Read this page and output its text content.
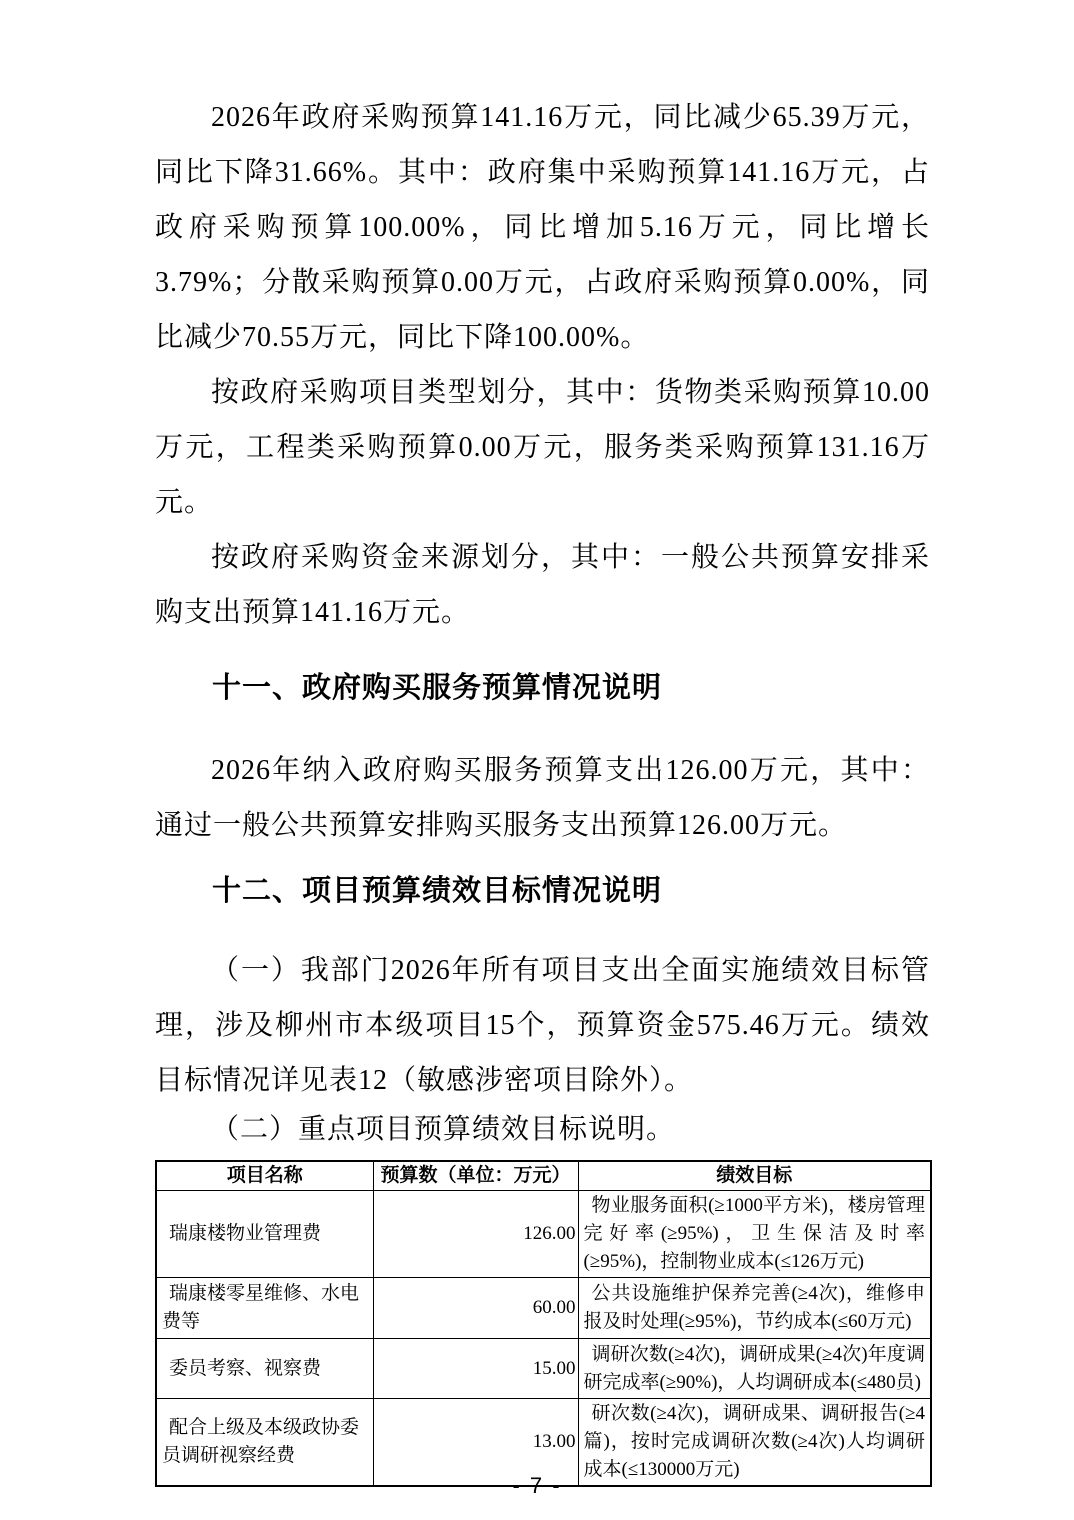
2026年政府采购预算141.16万元，同比减少65.39万元，同比下降31.66%。其中：政府集中采购预算141.16万元，占政府采购预算100.00%，同比增加5.16万元，同比增长3.79%；分散采购预算0.00万元，占政府采购预算0.00%，同比减少70.55万元，同比下降100.00%。

按政府采购项目类型划分，其中：货物类采购预算10.00万元，工程类采购预算0.00万元，服务类采购预算131.16万元。

按政府采购资金来源划分，其中：一般公共预算安排采购支出预算141.16万元。

十一、政府购买服务预算情况说明

2026年纳入政府购买服务预算支出126.00万元，其中：通过一般公共预算安排购买服务支出预算126.00万元。

十二、项目预算绩效目标情况说明

（一）我部门2026年所有项目支出全面实施绩效目标管理，涉及柳州市本级项目15个，预算资金575.46万元。绩效目标情况详见表12（敏感涉密项目除外）。

（二）重点项目预算绩效目标说明。

项目名称	预算数（单位：万元）	绩效目标
瑞康楼物业管理费	126.00	物业服务面积(≥1000平方米)，楼房管理完好率(≥95%)，卫生保洁及时率(≥95%)，控制物业成本(≤126万元)
瑞康楼零星维修、水电费等	60.00	公共设施维护保养完善(≥4次)，维修申报及时处理(≥95%)，节约成本(≤60万元)
委员考察、视察费	15.00	调研次数(≥4次)，调研成果(≥4次)年度调研完成率(≥90%)，人均调研成本(≤480员)
配合上级及本级政协委员调研视察经费	13.00	研次数(≥4次)，调研成果、调研报告(≥4篇)，按时完成调研次数(≥4次)人均调研成本(≤130000万元)
- 7 -
